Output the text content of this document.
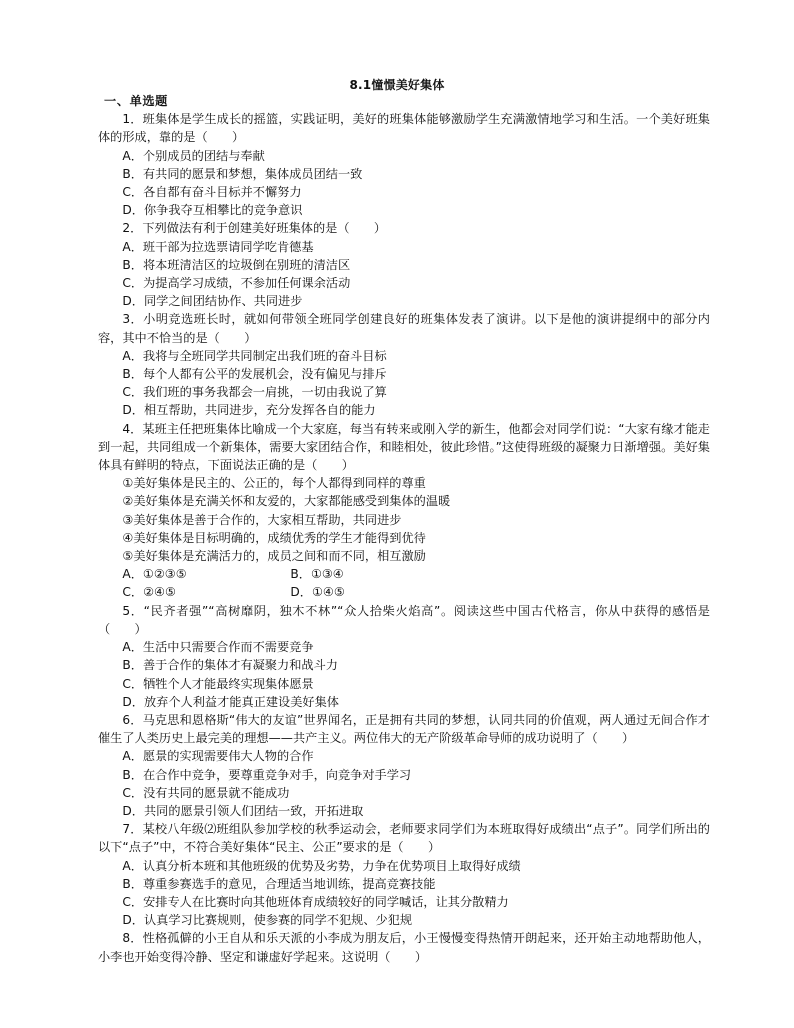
8.1憧憬美好集体
一、单选题
1．班集体是学生成长的摇篮，实践证明，美好的班集体能够激励学生充满激情地学习和生活。一个美好班集体的形成，靠的是（　　）
A．个别成员的团结与奉献
B．有共同的愿景和梦想，集体成员团结一致
C．各自都有奋斗目标并不懈努力
D．你争我夺互相攀比的竞争意识
2．下列做法有利于创建美好班集体的是（　　）
A．班干部为拉选票请同学吃肯德基
B．将本班清洁区的垃圾倒在别班的清洁区
C．为提高学习成绩，不参加任何课余活动
D．同学之间团结协作、共同进步
3．小明竞选班长时，就如何带领全班同学创建良好的班集体发表了演讲。以下是他的演讲提纲中的部分内容，其中不恰当的是（　　）
A．我将与全班同学共同制定出我们班的奋斗目标
B．每个人都有公平的发展机会，没有偏见与排斥
C．我们班的事务我都会一肩挑，一切由我说了算
D．相互帮助，共同进步，充分发挥各自的能力
4．某班主任把班集体比喻成一个大家庭，每当有转来或刚入学的新生，他都会对同学们说：“大家有缘才能走到一起，共同组成一个新集体，需要大家团结合作，和睦相处，彼此珍惜。”这使得班级的凝聚力日渐增强。美好集体具有鲜明的特点，下面说法正确的是（　　）
①美好集体是民主的、公正的，每个人都得到同样的尊重
②美好集体是充满关怀和友爱的，大家都能感受到集体的温暖
③美好集体是善于合作的，大家相互帮助，共同进步
④美好集体是目标明确的，成绩优秀的学生才能得到优待
⑤美好集体是充满活力的，成员之间和而不同，相互激励
A．①②③⑤	B．①③④
C．②④⑤	D．①④⑤
5．“民齐者强”“高树靡阴，独木不林”“众人拾柴火焰高”。阅读这些中国古代格言，你从中获得的感悟是（　　）
A．生活中只需要合作而不需要竞争
B．善于合作的集体才有凝聚力和战斗力
C．牺牲个人才能最终实现集体愿景
D．放弃个人利益才能真正建设美好集体
6．马克思和恩格斯“伟大的友谊”世界闻名，正是拥有共同的梦想，认同共同的价值观，两人通过无间合作才催生了人类历史上最完美的理想——共产主义。两位伟大的无产阶级革命导师的成功说明了（　　）
A．愿景的实现需要伟大人物的合作
B．在合作中竞争，要尊重竞争对手，向竞争对手学习
C．没有共同的愿景就不能成功
D．共同的愿景引领人们团结一致，开拓进取
7．某校八年级⑵班组队参加学校的秋季运动会，老师要求同学们为本班取得好成绩出“点子”。同学们所出的以下“点子”中，不符合美好集体“民主、公正”要求的是（　　）
A．认真分析本班和其他班级的优势及劣势，力争在优势项目上取得好成绩
B．尊重参赛选手的意见，合理适当地训练，提高竞赛技能
C．安排专人在比赛时向其他班体育成绩较好的同学喊话，让其分散精力
D．认真学习比赛规则，使参赛的同学不犯规、少犯规
8．性格孤僻的小王自从和乐天派的小李成为朋友后，小王慢慢变得热情开朗起来，还开始主动地帮助他人，小李也开始变得冷静、坚定和谦虚好学起来。这说明（　　）
